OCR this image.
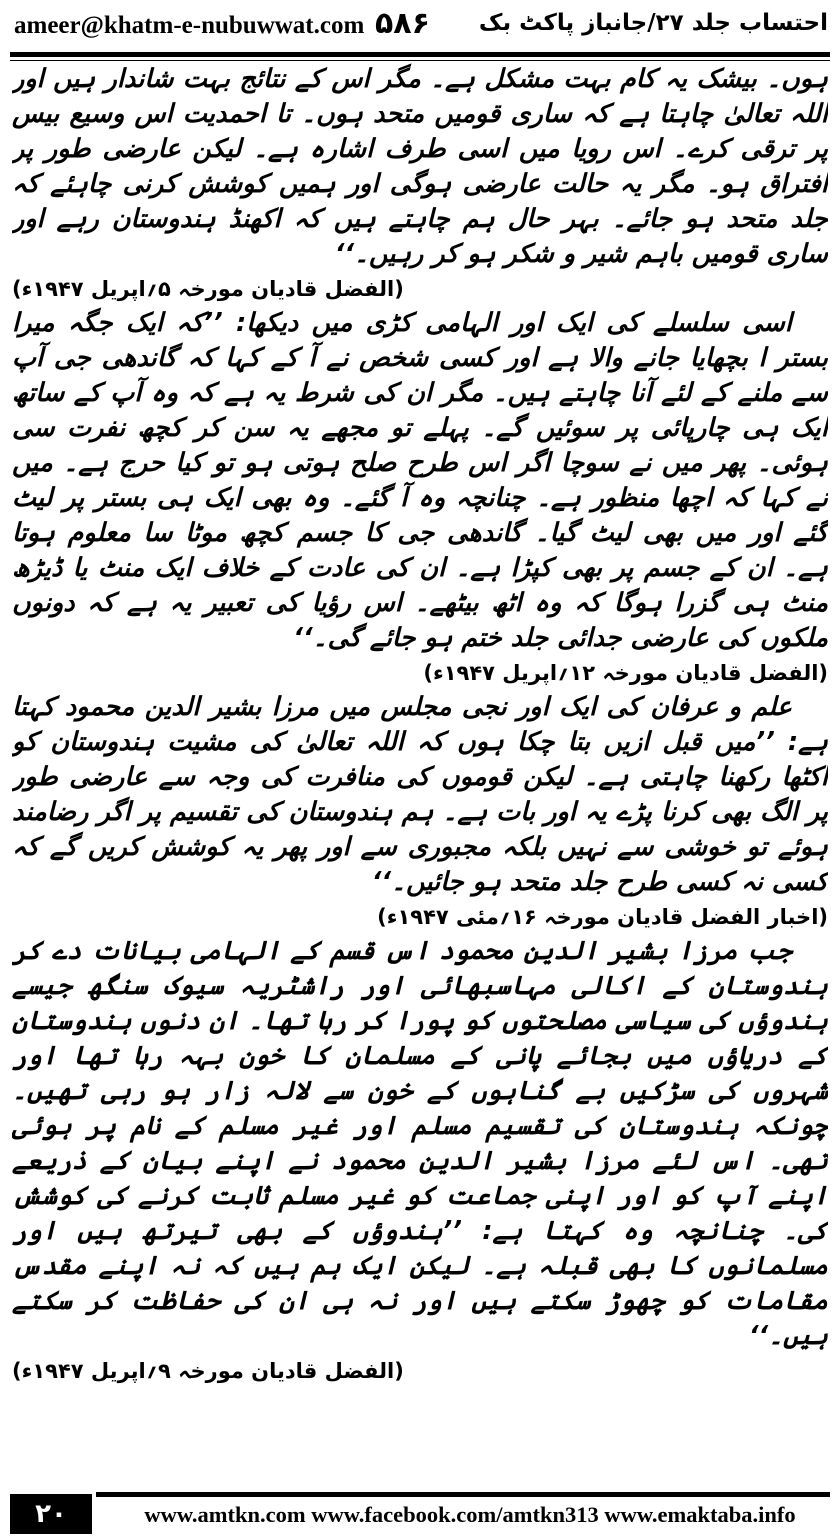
ameer@khatm-e-nubuwwat.com ۵۸۶ احتساب جلد ۲۷/جانباز پاکٹ بک

ہوں۔ بیشک یہ کام بہت مشکل ہے۔ مگر اس کے نتائج بہت شاندار ہیں اور اللہ تعالیٰ چاہتا ہے کہ ساری قومیں متحد ہوں۔ تا احمدیت اس وسیع بیس پر ترقی کرے۔ اس رویا میں اسی طرف اشارہ ہے۔ لیکن عارضی طور پر افتراق ہو۔ مگر یہ حالت عارضی ہوگی اور ہمیں کوشش کرنی چاہئے کہ جلد متحد ہو جائے۔ بہر حال ہم چاہتے ہیں کہ اکھنڈ ہندوستان رہے اور ساری قومیں باہم شیر و شکر ہو کر رہیں۔‘‘

(الفضل قادیان مورخہ ۵؍اپریل ۱۹۴۷ء)

اسی سلسلے کی ایک اور الہامی کڑی میں دیکھا: ’’کہ ایک جگہ میرا بستر ا بچھایا جانے والا ہے اور کسی شخص نے آ کے کہا کہ گاندھی جی آپ سے ملنے کے لئے آنا چاہتے ہیں۔ مگر ان کی شرط یہ ہے کہ وہ آپ کے ساتھ ایک ہی چارپائی پر سوئیں گے۔ پہلے تو مجھے یہ سن کر کچھ نفرت سی ہوئی۔ پھر میں نے سوچا اگر اس طرح صلح ہوتی ہو تو کیا حرج ہے۔ میں نے کہا کہ اچھا منظور ہے۔ چنانچہ وہ آ گئے۔ وہ بھی ایک ہی بستر پر لیٹ گئے اور میں بھی لیٹ گیا۔ گاندھی جی کا جسم کچھ موٹا سا معلوم ہوتا ہے۔ ان کے جسم پر بھی کپڑا ہے۔ ان کی عادت کے خلاف ایک منٹ یا ڈیڑھ منٹ ہی گزرا ہوگا کہ وہ اٹھ بیٹھے۔ اس رؤیا کی تعبیر یہ ہے کہ دونوں ملکوں کی عارضی جدائی جلد ختم ہو جائے گی۔‘‘

(الفضل قادیان مورخہ ۱۲؍اپریل ۱۹۴۷ء)

علم و عرفان کی ایک اور نجی مجلس میں مرزا بشیر الدین محمود کہتا ہے: ’’میں قبل ازیں بتا چکا ہوں کہ اللہ تعالیٰ کی مشیت ہندوستان کو اکٹھا رکھنا چاہتی ہے۔ لیکن قوموں کی منافرت کی وجہ سے عارضی طور پر الگ بھی کرنا پڑے یہ اور بات ہے۔ ہم ہندوستان کی تقسیم پر اگر رضامند ہوئے تو خوشی سے نہیں بلکہ مجبوری سے اور پھر یہ کوشش کریں گے کہ کسی نہ کسی طرح جلد متحد ہو جائیں۔‘‘

(اخبار الفضل قادیان مورخہ ۱۶؍مئی ۱۹۴۷ء)

جب مرزا بشیر الدین محمود اس قسم کے الہامی بیانات دے کر ہندوستان کے اکالی مہاسبھائی اور راشٹریہ سیوک سنگھ جیسے ہندوؤں کی سیاسی مصلحتوں کو پورا کر رہا تھا۔ ان دنوں ہندوستان کے دریاؤں میں بجائے پانی کے مسلمان کا خون بہہ رہا تھا اور شہروں کی سڑکیں بے گناہوں کے خون سے لالہ زار ہو رہی تھیں۔ چونکہ ہندوستان کی تقسیم مسلم اور غیر مسلم کے نام پر ہوئی تھی۔ اس لئے مرزا بشیر الدین محمود نے اپنے بیان کے ذریعے اپنے آپ کو اور اپنی جماعت کو غیر مسلم ثابت کرنے کی کوشش کی۔ چنانچہ وہ کہتا ہے: ’’ہندوؤں کے بھی تیرتھ ہیں اور مسلمانوں کا بھی قبلہ ہے۔ لیکن ایک ہم ہیں کہ نہ اپنے مقدس مقامات کو چھوڑ سکتے ہیں اور نہ ہی ان کی حفاظت کر سکتے ہیں۔‘‘

(الفضل قادیان مورخہ ۹؍اپریل ۱۹۴۷ء)

۲۰	www.amtkn.com www.facebook.com/amtkn313 www.emaktaba.info
